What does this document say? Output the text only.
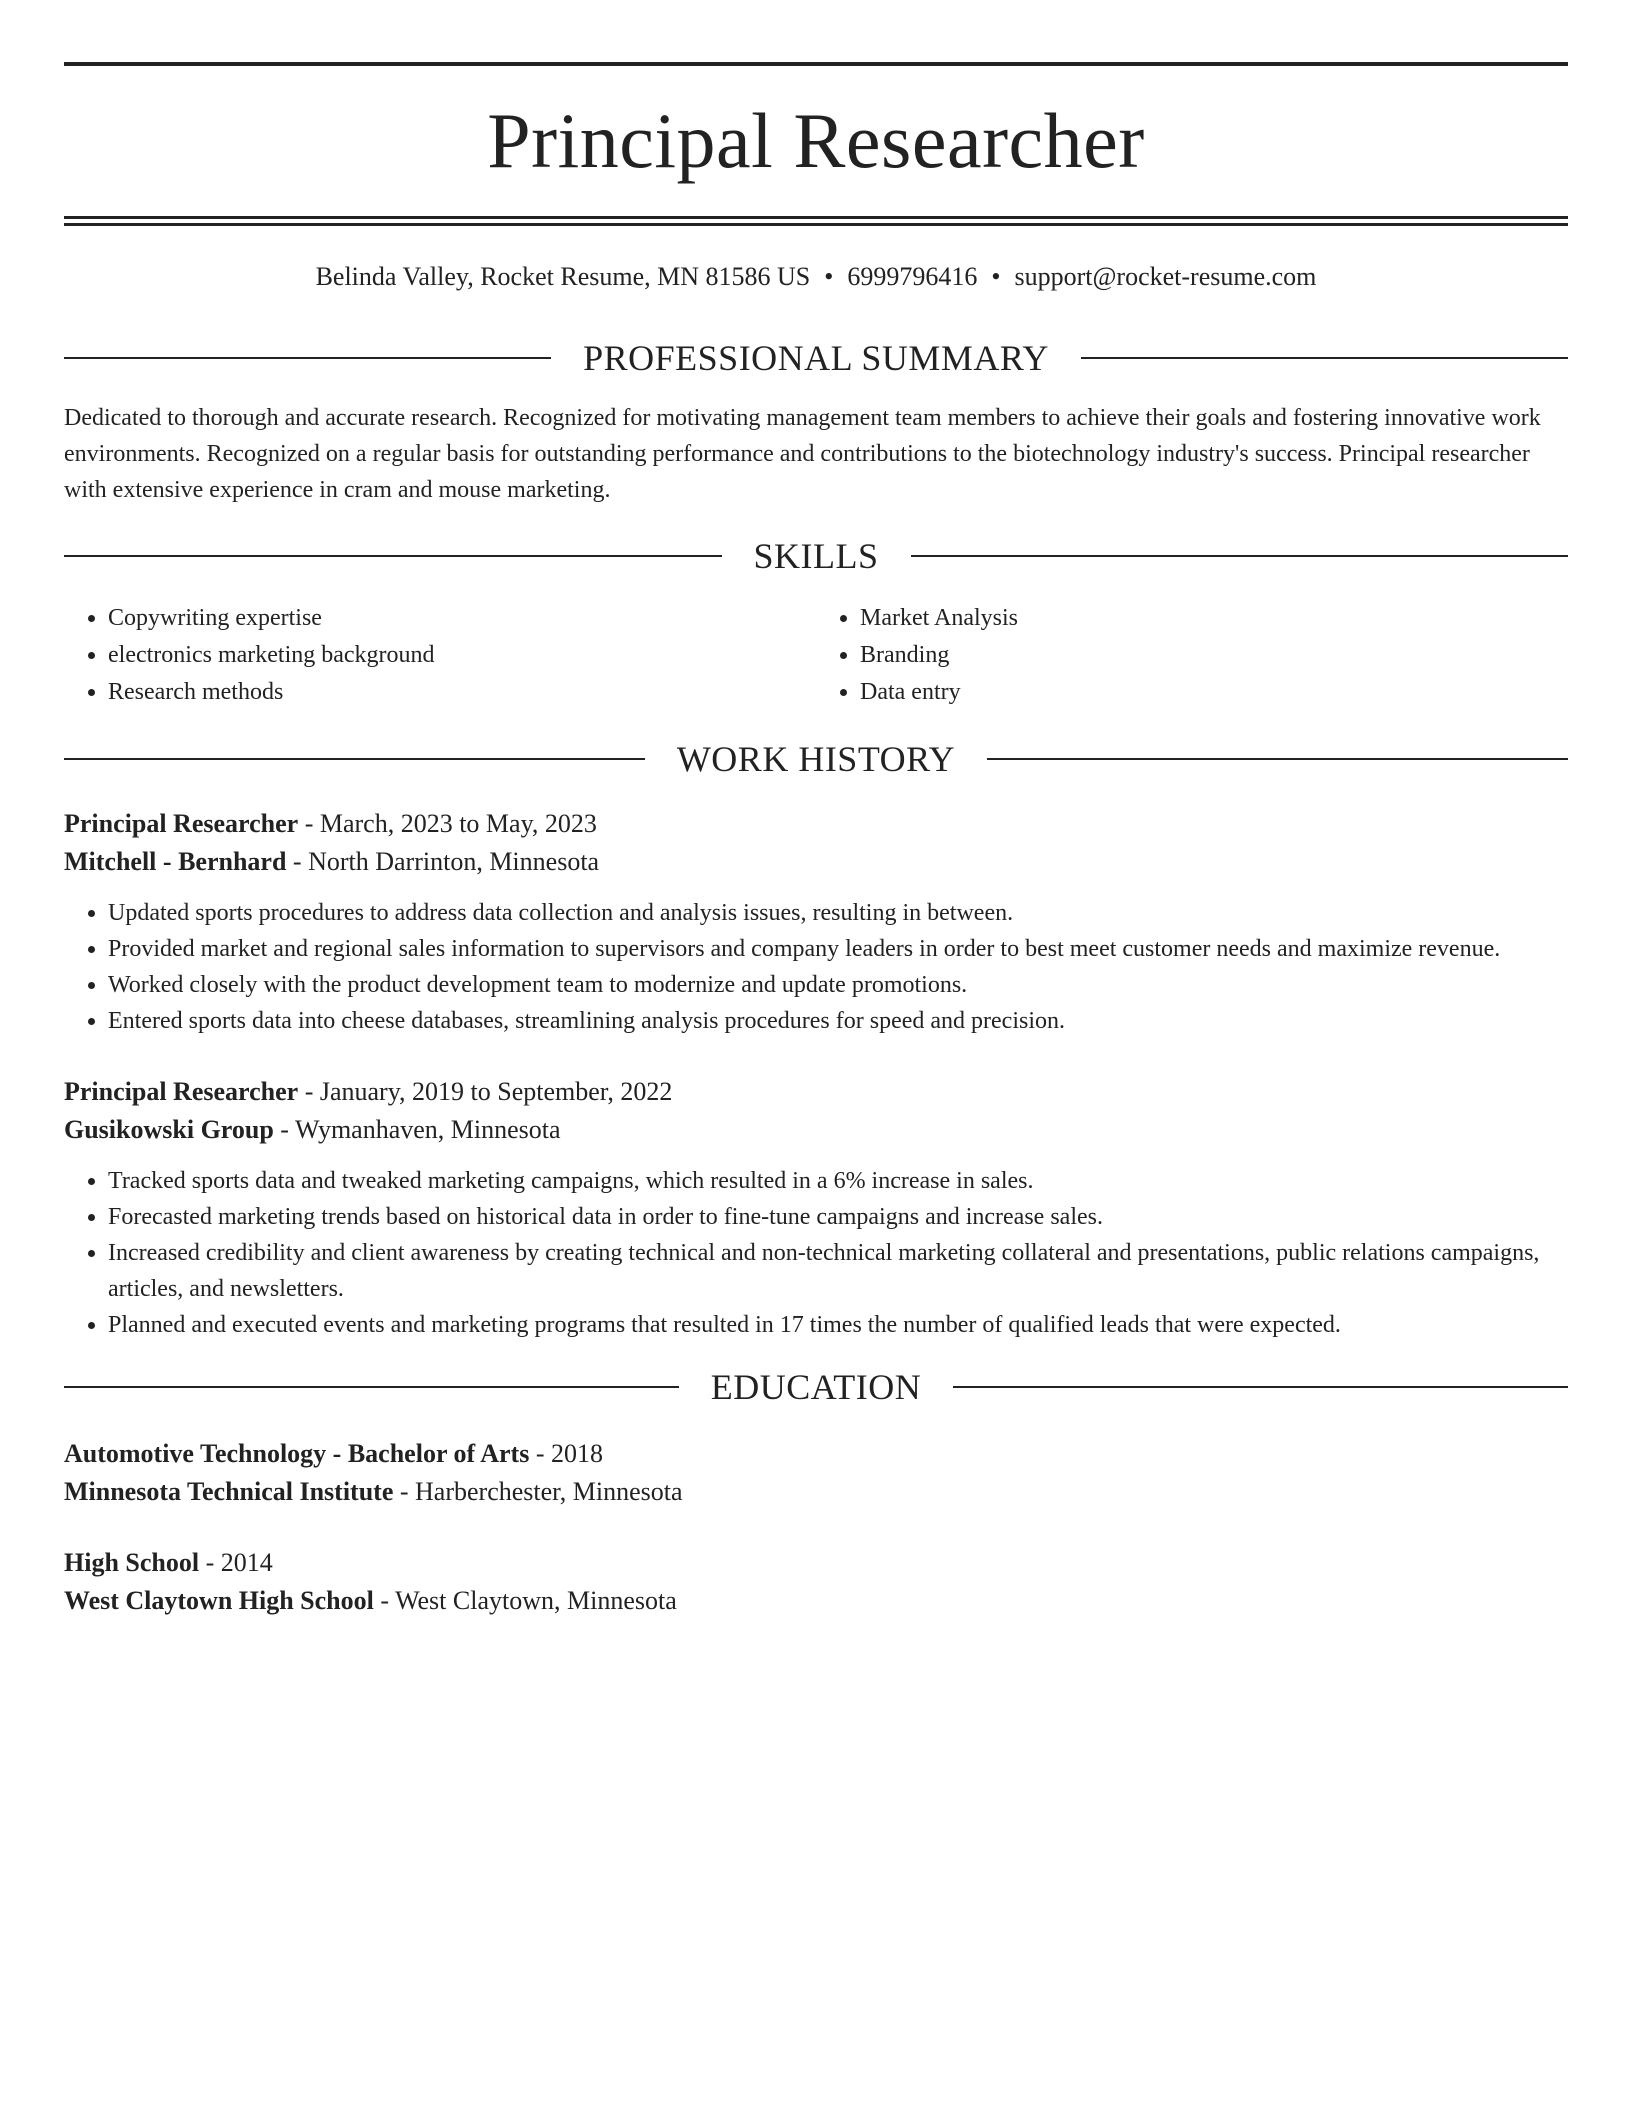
Principal Researcher
Belinda Valley, Rocket Resume, MN 81586 US • 6999796416 • support@rocket-resume.com
PROFESSIONAL SUMMARY

Dedicated to thorough and accurate research. Recognized for motivating management team members to achieve their goals and fostering innovative work environments. Recognized on a regular basis for outstanding performance and contributions to the biotechnology industry's success. Principal researcher with extensive experience in cram and mouse marketing.

SKILLS
• Copywriting expertise
• electronics marketing background
• Research methods
• Market Analysis
• Branding
• Data entry
WORK HISTORY
Principal Researcher - March, 2023 to May, 2023
Mitchell - Bernhard - North Darrinton, Minnesota
• Updated sports procedures to address data collection and analysis issues, resulting in between.
• Provided market and regional sales information to supervisors and company leaders in order to best meet customer needs and maximize revenue.
• Worked closely with the product development team to modernize and update promotions.
• Entered sports data into cheese databases, streamlining analysis procedures for speed and precision.
Principal Researcher - January, 2019 to September, 2022
Gusikowski Group - Wymanhaven, Minnesota
• Tracked sports data and tweaked marketing campaigns, which resulted in a 6% increase in sales.
• Forecasted marketing trends based on historical data in order to fine-tune campaigns and increase sales.
• Increased credibility and client awareness by creating technical and non-technical marketing collateral and presentations, public relations campaigns, articles, and newsletters.
• Planned and executed events and marketing programs that resulted in 17 times the number of qualified leads that were expected.
EDUCATION
Automotive Technology - Bachelor of Arts - 2018
Minnesota Technical Institute - Harberchester, Minnesota
High School - 2014
West Claytown High School - West Claytown, Minnesota
